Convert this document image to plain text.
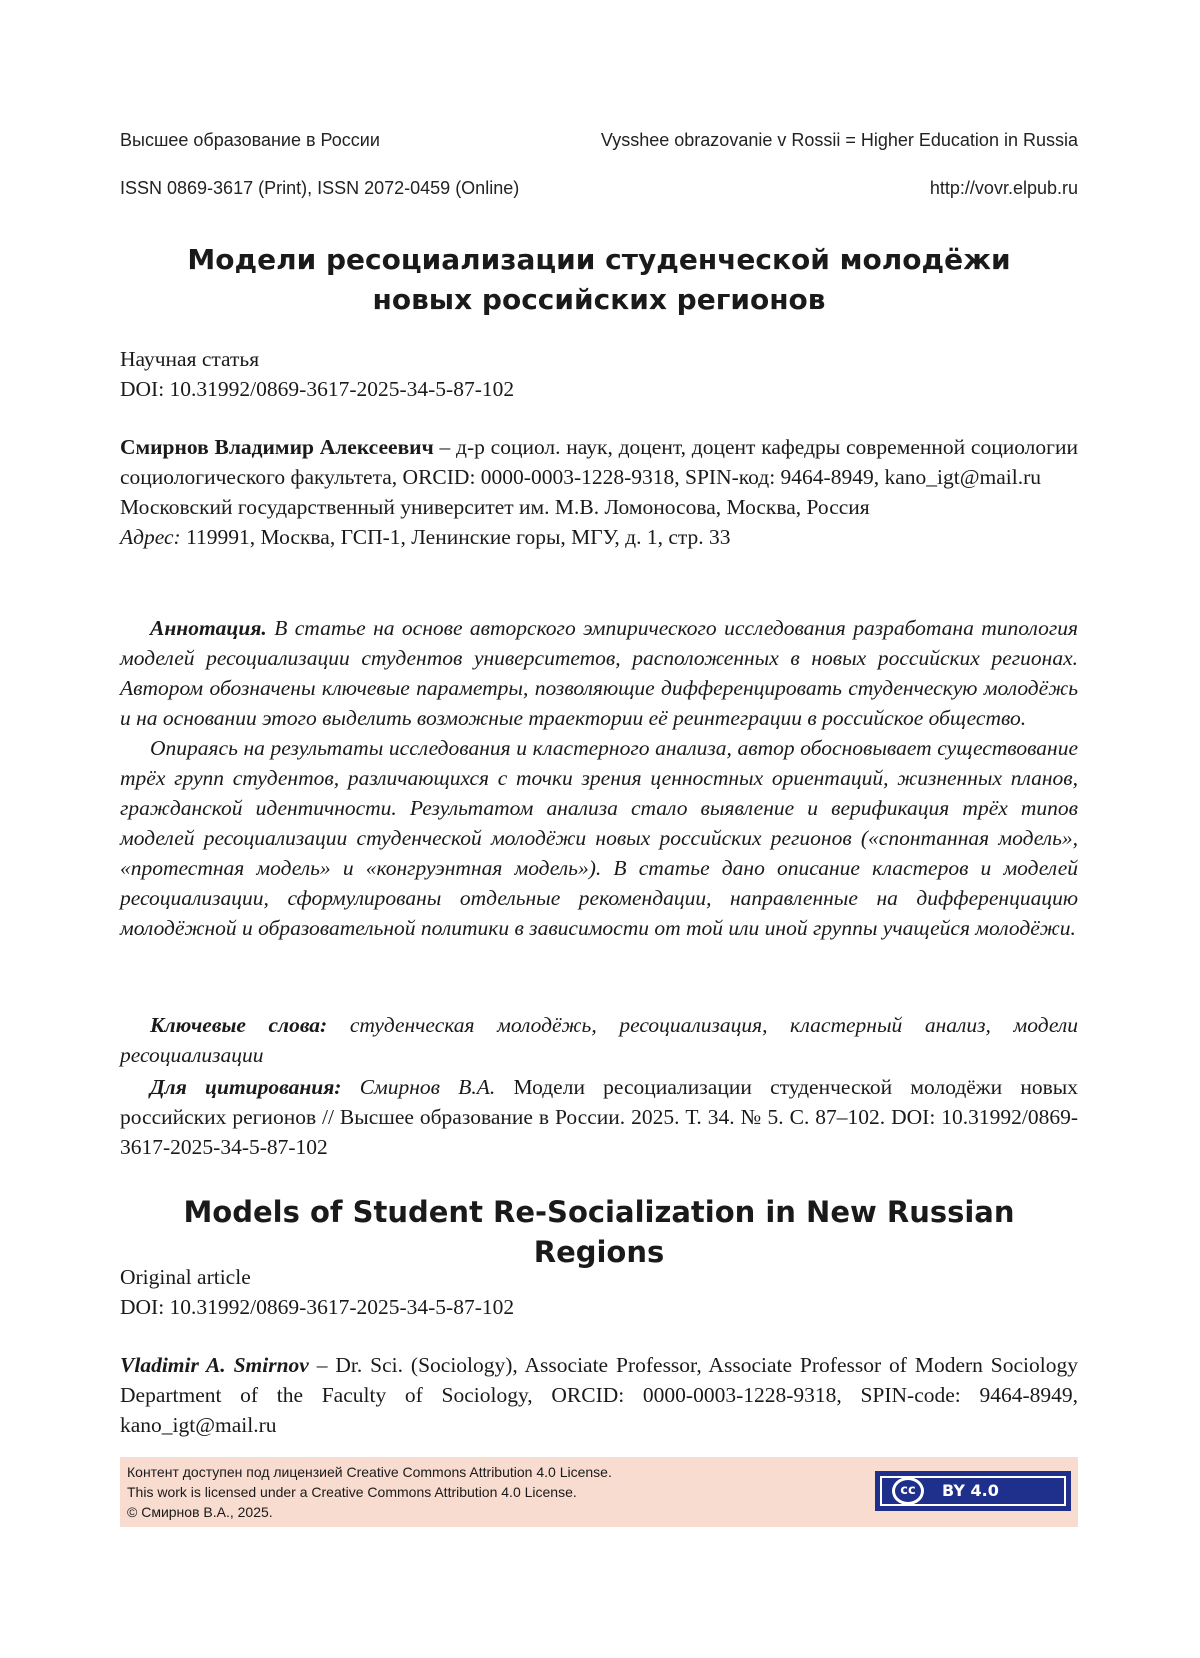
Высшее образование в России	Vysshee obrazovanie v Rossii = Higher Education in Russia
ISSN 0869-3617 (Print), ISSN 2072-0459 (Online)	http://vovr.elpub.ru
Модели ресоциализации студенческой молодёжи
новых российских регионов
Научная статья
DOI: 10.31992/0869-3617-2025-34-5-87-102
Смирнов Владимир Алексеевич – д-р социол. наук, доцент, доцент кафедры современной социологии социологического факультета, ORCID: 0000-0003-1228-9318, SPIN-код: 9464-8949, kano_igt@mail.ru
Московский государственный университет им. М.В. Ломоносова, Москва, Россия
Адрес: 119991, Москва, ГСП-1, Ленинские горы, МГУ, д. 1, стр. 33
Аннотация. В статье на основе авторского эмпирического исследования разработана типология моделей ресоциализации студентов университетов, расположенных в новых российских регионах. Автором обозначены ключевые параметры, позволяющие дифференцировать студенческую молодёжь и на основании этого выделить возможные траектории её реинтеграции в российское общество.
Опираясь на результаты исследования и кластерного анализа, автор обосновывает существование трёх групп студентов, различающихся с точки зрения ценностных ориентаций, жизненных планов, гражданской идентичности. Результатом анализа стало выявление и верификация трёх типов моделей ресоциализации студенческой молодёжи новых российских регионов («спонтанная модель», «протестная модель» и «конгруэнтная модель»). В статье дано описание кластеров и моделей ресоциализации, сформулированы отдельные рекомендации, направленные на дифференциацию молодёжной и образовательной политики в зависимости от той или иной группы учащейся молодёжи.
Ключевые слова: студенческая молодёжь, ресоциализация, кластерный анализ, модели ресоциализации
Для цитирования: Смирнов В.А. Модели ресоциализации студенческой молодёжи новых российских регионов // Высшее образование в России. 2025. Т. 34. № 5. С. 87–102. DOI: 10.31992/0869-3617-2025-34-5-87-102
Models of Student Re-Socialization in New Russian Regions
Original article
DOI: 10.31992/0869-3617-2025-34-5-87-102
Vladimir A. Smirnov – Dr. Sci. (Sociology), Associate Professor, Associate Professor of Modern Sociology Department of the Faculty of Sociology, ORCID: 0000-0003-1228-9318, SPIN-code: 9464-8949, kano_igt@mail.ru
Контент доступен под лицензией Creative Commons Attribution 4.0 License.
This work is licensed under a Creative Commons Attribution 4.0 License.
© Смирнов В.А., 2025.
cc	BY 4.0
